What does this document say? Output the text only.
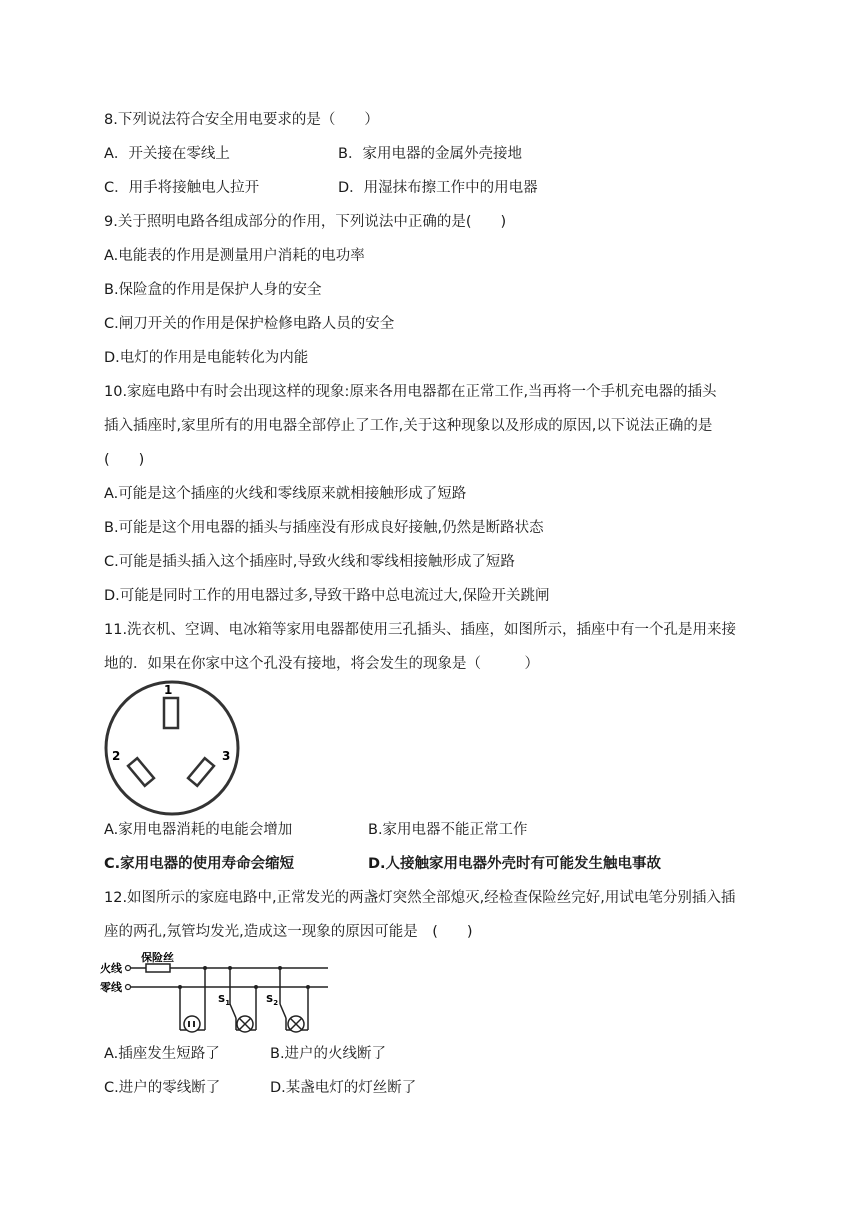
8.下列说法符合安全用电要求的是（　　）
A．开关接在零线上	B．家用电器的金属外壳接地
C．用手将接触电人拉开	D．用湿抹布擦工作中的用电器
9.关于照明电路各组成部分的作用，下列说法中正确的是(　　)
A.电能表的作用是测量用户消耗的电功率
B.保险盒的作用是保护人身的安全
C.闸刀开关的作用是保护检修电路人员的安全
D.电灯的作用是电能转化为内能
10.家庭电路中有时会出现这样的现象:原来各用电器都在正常工作,当再将一个手机充电器的插头
插入插座时,家里所有的用电器全部停止了工作,关于这种现象以及形成的原因,以下说法正确的是
(　　)
A.可能是这个插座的火线和零线原来就相接触形成了短路
B.可能是这个用电器的插头与插座没有形成良好接触,仍然是断路状态
C.可能是插头插入这个插座时,导致火线和零线相接触形成了短路
D.可能是同时工作的用电器过多,导致干路中总电流过大,保险开关跳闸
11.洗衣机、空调、电冰箱等家用电器都使用三孔插头、插座，如图所示，插座中有一个孔是用来接
地的．如果在你家中这个孔没有接地，将会发生的现象是（　　　）
1
2	3
A.家用电器消耗的电能会增加	B.家用电器不能正常工作
C.家用电器的使用寿命会缩短	D.人接触家用电器外壳时有可能发生触电事故
12.如图所示的家庭电路中,正常发光的两盏灯突然全部熄灭,经检查保险丝完好,用试电笔分别插入插
座的两孔,氖管均发光,造成这一现象的原因可能是　(　　)
火线
零线
保险丝
$S_1$	$S_2$
A.插座发生短路了	B.进户的火线断了
C.进户的零线断了	D.某盏电灯的灯丝断了
